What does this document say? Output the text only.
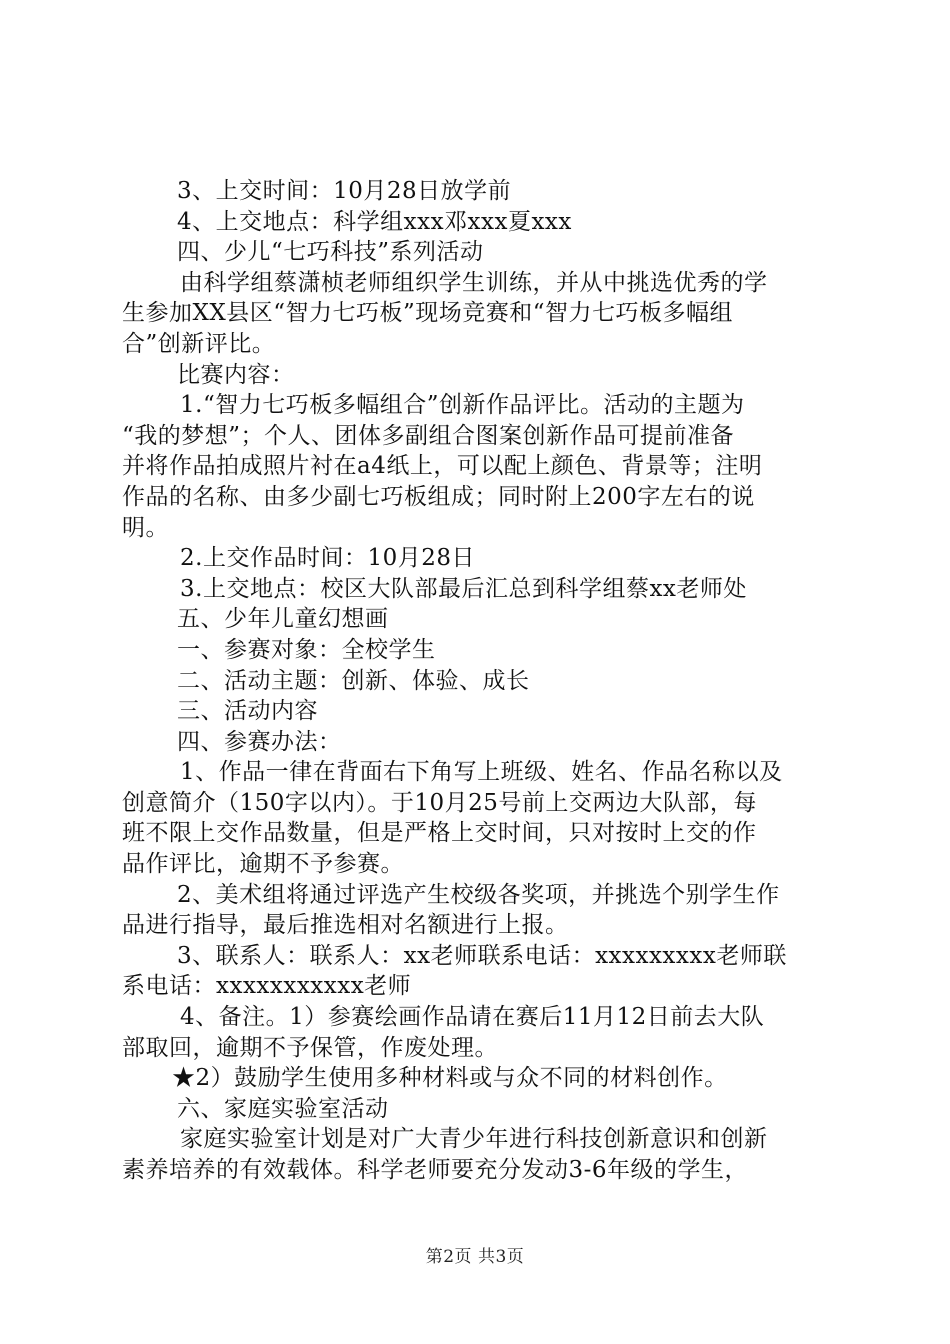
3、上交时间：10月28日放学前
4、上交地点：科学组xxx邓xxx夏xxx
四、少儿“七巧科技”系列活动
由科学组蔡潇桢老师组织学生训练，并从中挑选优秀的学
生参加XX县区“智力七巧板”现场竞赛和“智力七巧板多幅组
合”创新评比。
比赛内容：
1.“智力七巧板多幅组合”创新作品评比。活动的主题为
“我的梦想”；个人、团体多副组合图案创新作品可提前准备
并将作品拍成照片衬在a4纸上，可以配上颜色、背景等；注明
作品的名称、由多少副七巧板组成；同时附上200字左右的说
明。
2.上交作品时间：10月28日
3.上交地点：校区大队部最后汇总到科学组蔡xx老师处
五、少年儿童幻想画
一、参赛对象：全校学生
二、活动主题：创新、体验、成长
三、活动内容
四、参赛办法：
1、作品一律在背面右下角写上班级、姓名、作品名称以及
创意简介（150字以内）。于10月25号前上交两边大队部，每
班不限上交作品数量，但是严格上交时间，只对按时上交的作
品作评比，逾期不予参赛。
2、美术组将通过评选产生校级各奖项，并挑选个别学生作
品进行指导，最后推选相对名额进行上报。
3、联系人：联系人：xx老师联系电话：xxxxxxxxx老师联
系电话：xxxxxxxxxxx老师
4、备注。1）参赛绘画作品请在赛后11月12日前去大队
部取回，逾期不予保管，作废处理。
★2）鼓励学生使用多种材料或与众不同的材料创作。
六、家庭实验室活动
家庭实验室计划是对广大青少年进行科技创新意识和创新
素养培养的有效载体。科学老师要充分发动3-6年级的学生，
第2页 共3页
